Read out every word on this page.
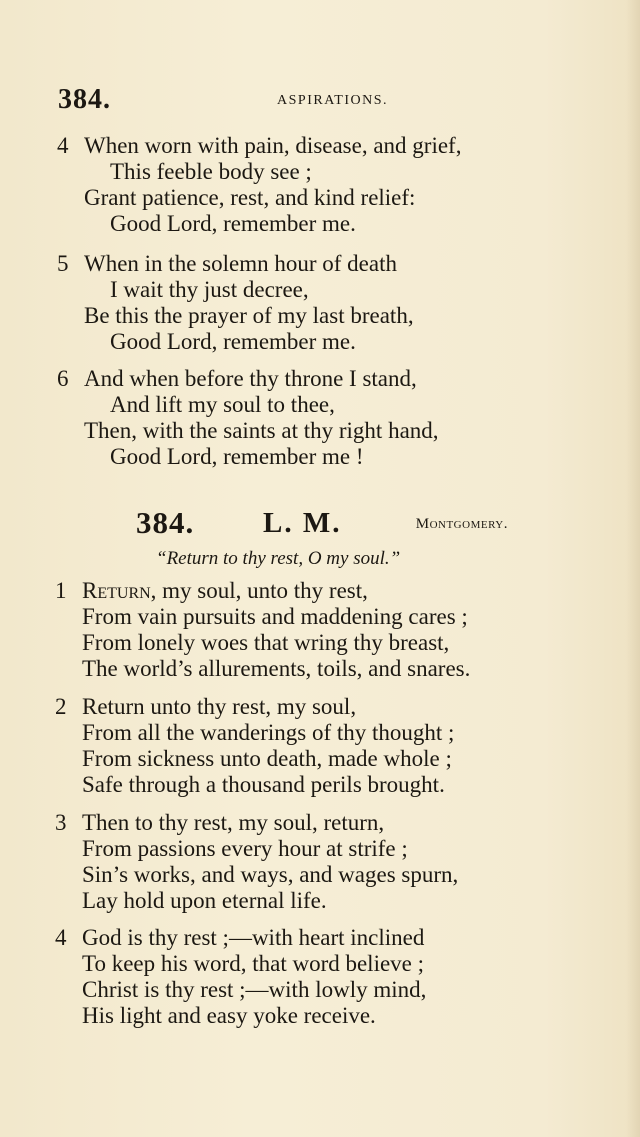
384.	ASPIRATIONS.
4 When worn with pain, disease, and grief,
This feeble body see ;
Grant patience, rest, and kind relief:
Good Lord, remember me.
5 When in the solemn hour of death
I wait thy just decree,
Be this the prayer of my last breath,
Good Lord, remember me.
6 And when before thy throne I stand,
And lift my soul to thee,
Then, with the saints at thy right hand,
Good Lord, remember me !
384. L. M.	Montgomery.
“Return to thy rest, O my soul.”
1 Return, my soul, unto thy rest,
From vain pursuits and maddening cares ;
From lonely woes that wring thy breast,
The world’s allurements, toils, and snares.
2 Return unto thy rest, my soul,
From all the wanderings of thy thought ;
From sickness unto death, made whole ;
Safe through a thousand perils brought.
3 Then to thy rest, my soul, return,
From passions every hour at strife ;
Sin’s works, and ways, and wages spurn,
Lay hold upon eternal life.
4 God is thy rest ;—with heart inclined
To keep his word, that word believe ;
Christ is thy rest ;—with lowly mind,
His light and easy yoke receive.
